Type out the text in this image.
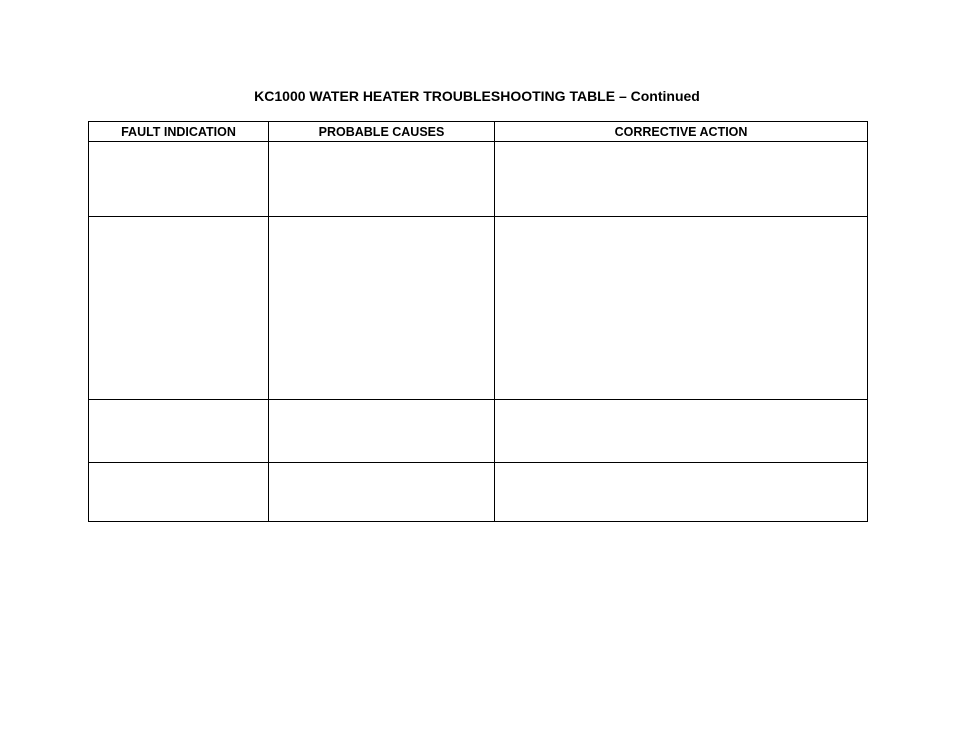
KC1000 WATER HEATER TROUBLESHOOTING TABLE – Continued
FAULT INDICATION	PROBABLE CAUSES	CORRECTIVE ACTION
